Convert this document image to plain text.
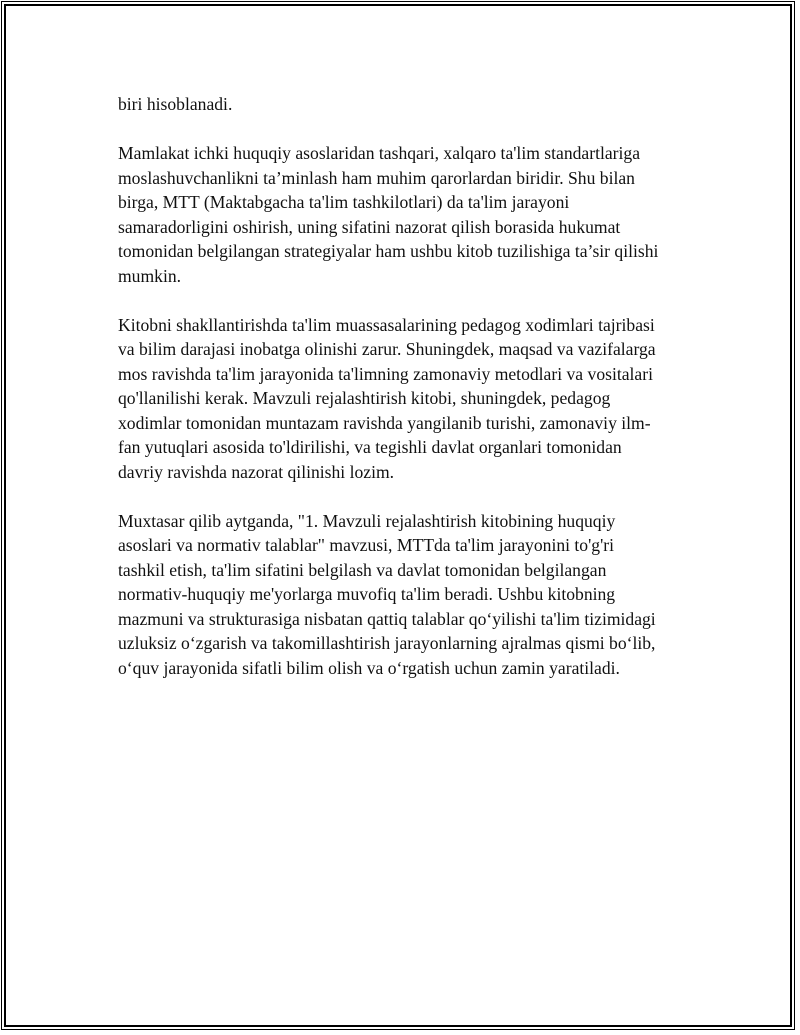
biri hisoblanadi.

Mamlakat ichki huquqiy asoslaridan tashqari, xalqaro ta'lim standartlariga
moslashuvchanlikni ta’minlash ham muhim qarorlardan biridir. Shu bilan
birga, MTT (Maktabgacha ta'lim tashkilotlari) da ta'lim jarayoni
samaradorligini oshirish, uning sifatini nazorat qilish borasida hukumat
tomonidan belgilangan strategiyalar ham ushbu kitob tuzilishiga ta’sir qilishi
mumkin.

Kitobni shakllantirishda ta'lim muassasalarining pedagog xodimlari tajribasi
va bilim darajasi inobatga olinishi zarur. Shuningdek, maqsad va vazifalarga
mos ravishda ta'lim jarayonida ta'limning zamonaviy metodlari va vositalari
qo'llanilishi kerak. Mavzuli rejalashtirish kitobi, shuningdek, pedagog
xodimlar tomonidan muntazam ravishda yangilanib turishi, zamonaviy ilm-
fan yutuqlari asosida to'ldirilishi, va tegishli davlat organlari tomonidan
davriy ravishda nazorat qilinishi lozim.

Muxtasar qilib aytganda, "1. Mavzuli rejalashtirish kitobining huquqiy
asoslari va normativ talablar" mavzusi, MTTda ta'lim jarayonini to'g'ri
tashkil etish, ta'lim sifatini belgilash va davlat tomonidan belgilangan
normativ-huquqiy me'yorlarga muvofiq ta'lim beradi. Ushbu kitobning
mazmuni va strukturasiga nisbatan qattiq talablar qo‘yilishi ta'lim tizimidagi
uzluksiz o‘zgarish va takomillashtirish jarayonlarning ajralmas qismi bo‘lib,
o‘quv jarayonida sifatli bilim olish va o‘rgatish uchun zamin yaratiladi.
